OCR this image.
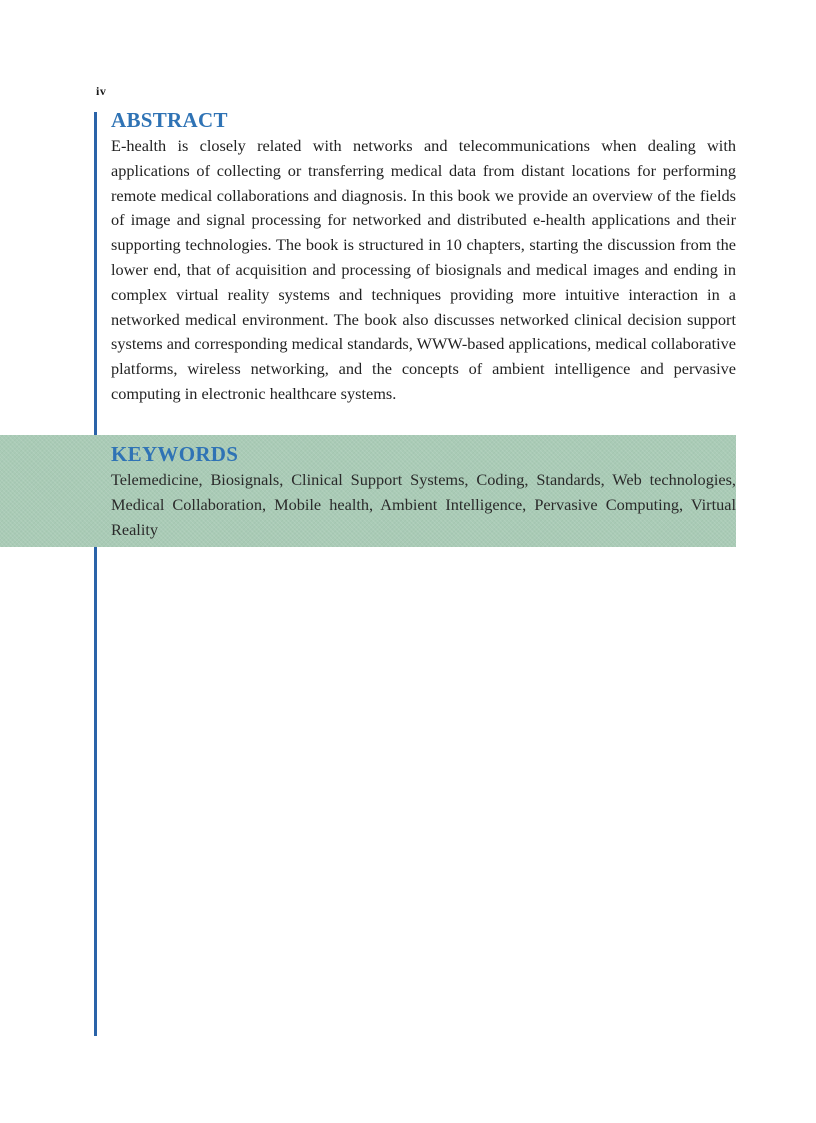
iv
ABSTRACT

E-health is closely related with networks and telecommunications when dealing with applications of collecting or transferring medical data from distant locations for performing remote medical collaborations and diagnosis. In this book we provide an overview of the fields of image and signal processing for networked and distributed e-health applications and their supporting technologies. The book is structured in 10 chapters, starting the discussion from the lower end, that of acquisition and processing of biosignals and medical images and ending in complex virtual reality systems and techniques providing more intuitive interaction in a networked medical environment. The book also discusses networked clinical decision support systems and corresponding medical standards, WWW-based applications, medical collaborative platforms, wireless networking, and the concepts of ambient intelligence and pervasive computing in electronic healthcare systems.

KEYWORDS

Telemedicine, Biosignals, Clinical Support Systems, Coding, Standards, Web technologies, Medical Collaboration, Mobile health, Ambient Intelligence, Pervasive Computing, Virtual Reality
